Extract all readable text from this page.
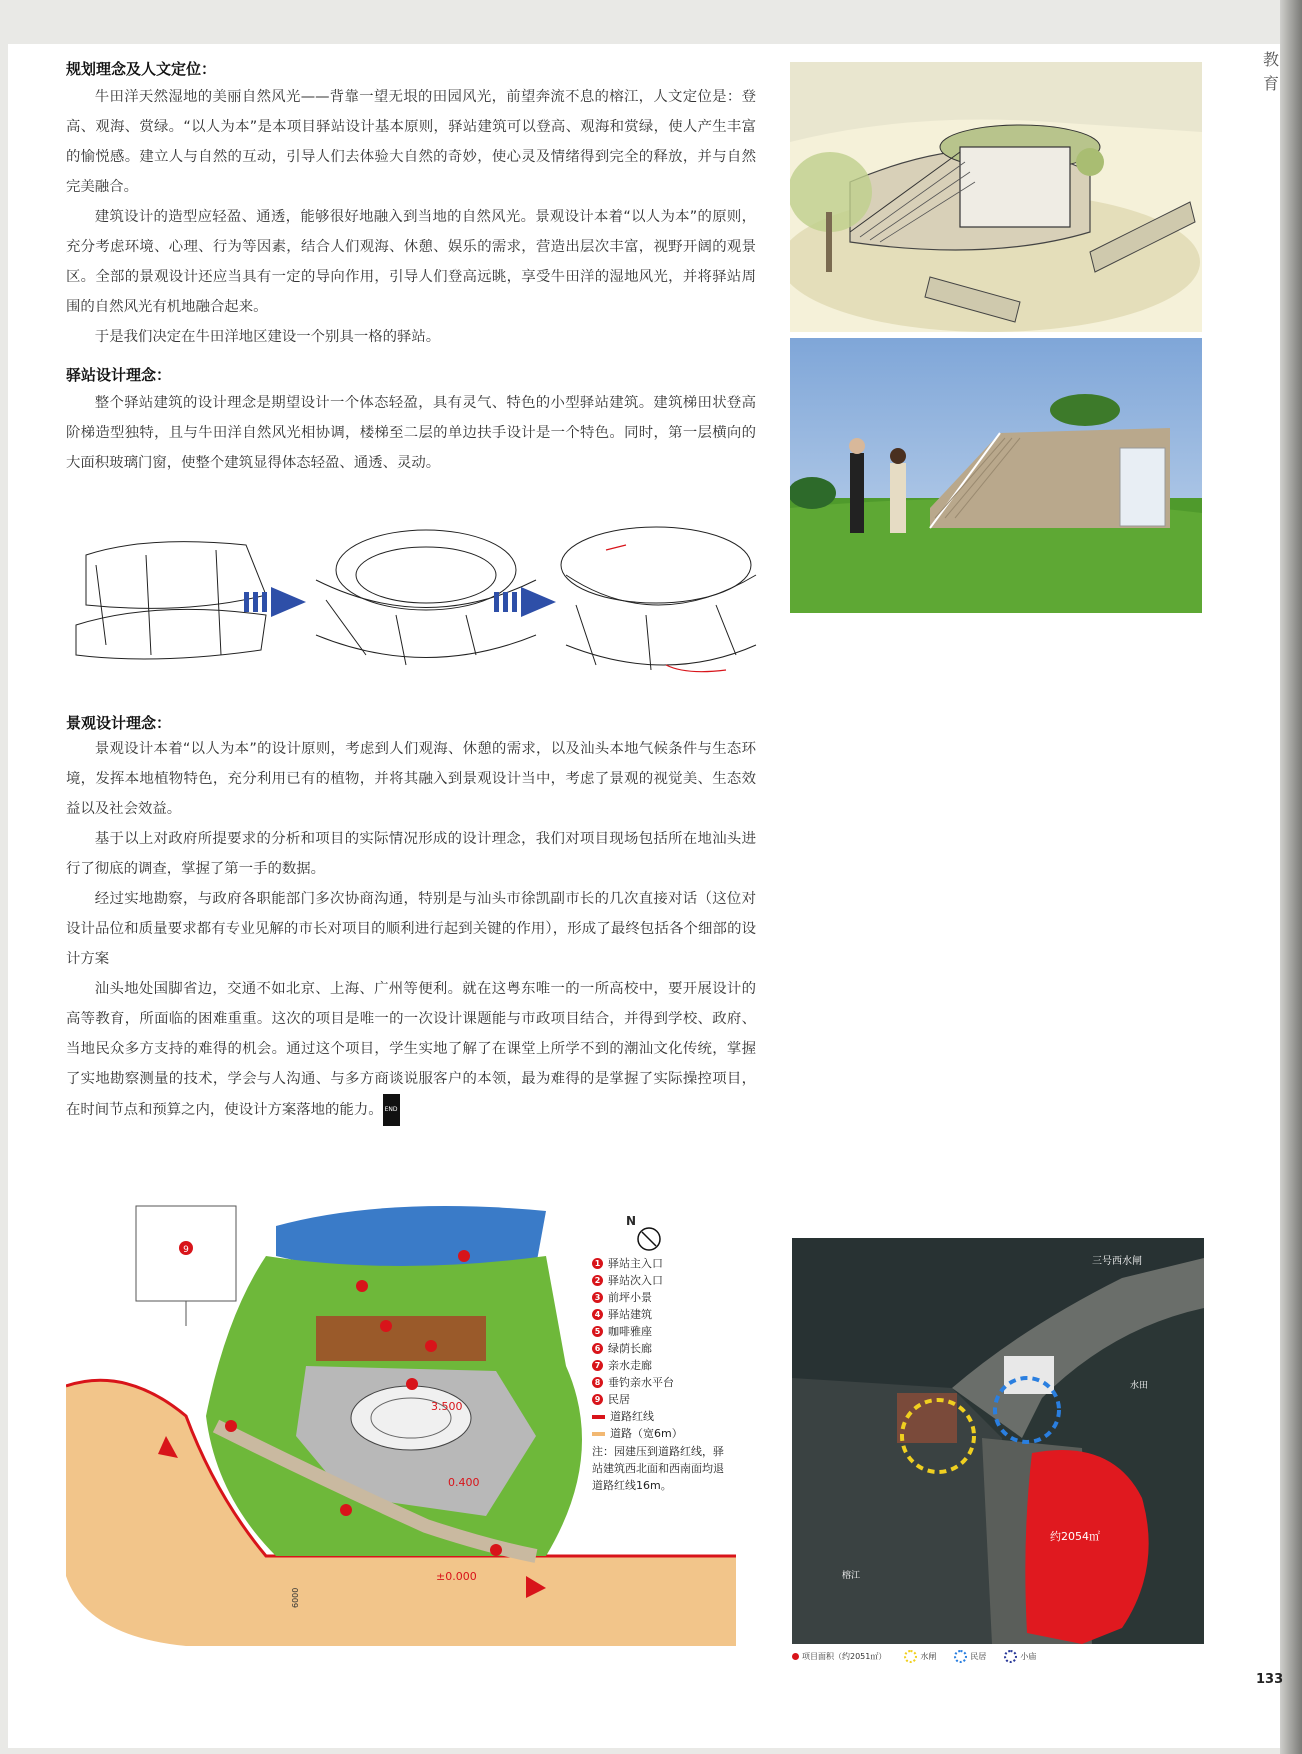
教育
规划理念及人文定位：

牛田洋天然湿地的美丽自然风光——背靠一望无垠的田园风光，前望奔流不息的榕江，人文定位是：登高、观海、赏绿。“以人为本”是本项目驿站设计基本原则，驿站建筑可以登高、观海和赏绿，使人产生丰富的愉悦感。建立人与自然的互动，引导人们去体验大自然的奇妙，使心灵及情绪得到完全的释放，并与自然完美融合。

建筑设计的造型应轻盈、通透，能够很好地融入到当地的自然风光。景观设计本着“以人为本”的原则，充分考虑环境、心理、行为等因素，结合人们观海、休憩、娱乐的需求，营造出层次丰富，视野开阔的观景区。全部的景观设计还应当具有一定的导向作用，引导人们登高远眺，享受牛田洋的湿地风光，并将驿站周围的自然风光有机地融合起来。

于是我们决定在牛田洋地区建设一个别具一格的驿站。

驿站设计理念：

整个驿站建筑的设计理念是期望设计一个体态轻盈，具有灵气、特色的小型驿站建筑。建筑梯田状登高阶梯造型独特，且与牛田洋自然风光相协调，楼梯至二层的单边扶手设计是一个特色。同时，第一层横向的大面积玻璃门窗，使整个建筑显得体态轻盈、通透、灵动。

景观设计理念：

景观设计本着“以人为本”的设计原则，考虑到人们观海、休憩的需求，以及汕头本地气候条件与生态环境，发挥本地植物特色，充分利用已有的植物，并将其融入到景观设计当中，考虑了景观的视觉美、生态效益以及社会效益。

基于以上对政府所提要求的分析和项目的实际情况形成的设计理念，我们对项目现场包括所在地汕头进行了彻底的调查，掌握了第一手的数据。

经过实地勘察，与政府各职能部门多次协商沟通，特别是与汕头市徐凯副市长的几次直接对话（这位对设计品位和质量要求都有专业见解的市长对项目的顺利进行起到关键的作用），形成了最终包括各个细部的设计方案

汕头地处国脚省边，交通不如北京、上海、广州等便利。就在这粤东唯一的一所高校中，要开展设计的高等教育，所面临的困难重重。这次的项目是唯一的一次设计课题能与市政项目结合，并得到学校、政府、当地民众多方支持的难得的机会。通过这个项目，学生实地了解了在课堂上所学不到的潮汕文化传统，掌握了实地勘察测量的技术，学会与人沟通、与多方商谈说服客户的本领，最为难得的是掌握了实际操控项目，在时间节点和预算之内，使设计方案落地的能力。 END

9
3.500
0.400
±0.000
6000
N
1 驿站主入口
2 驿站次入口
3 前坪小景
4 驿站建筑
5 咖啡雅座
6 绿荫长廊
7 亲水走廊
8 垂钓亲水平台
9 民居
道路红线
道路（宽6m）
注：园建压到道路红线，驿站建筑西北面和西南面均退道路红线16m。
三号西水闸
水田
榕江
约2054㎡
项目面积（约2051㎡）	水闸	民居	小庙
133
